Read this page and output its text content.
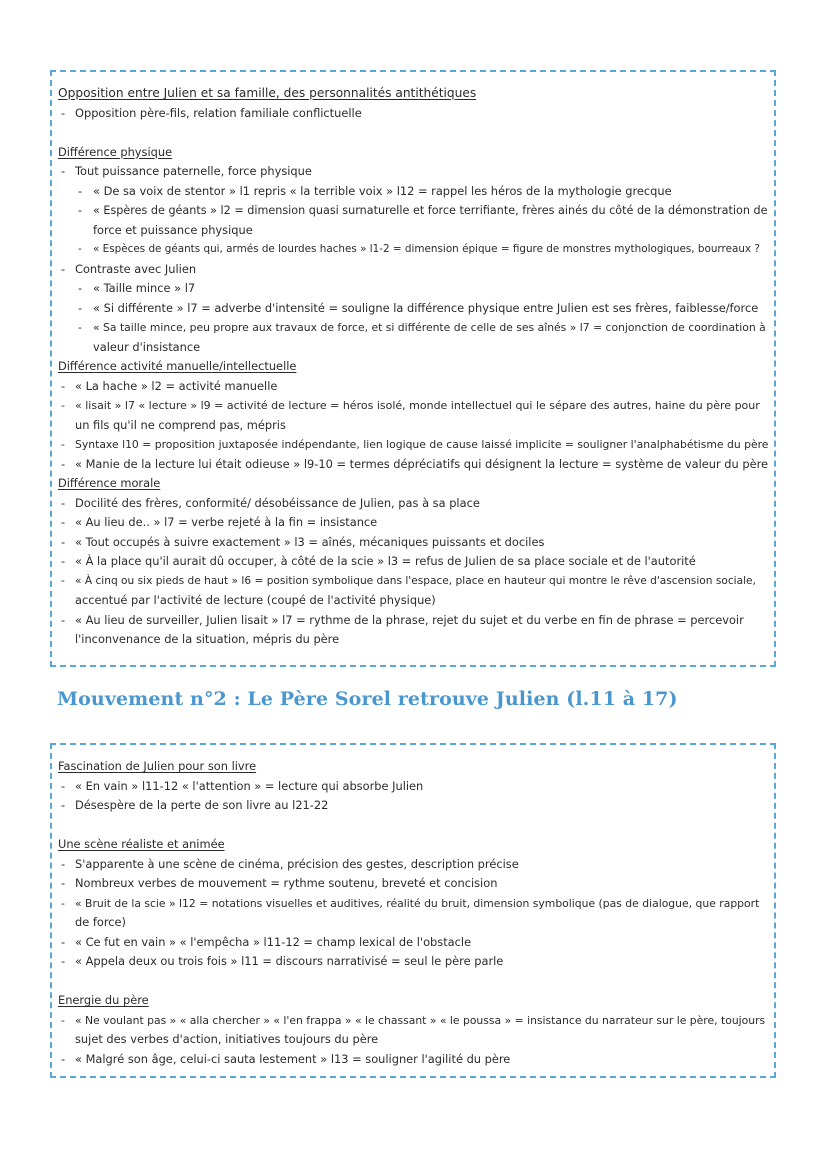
Opposition entre Julien et sa famille, des personnalités antithétiques
- Opposition père-fils, relation familiale conflictuelle
Différence physique
- Tout puissance paternelle, force physique
- « De sa voix de stentor » l1 repris « la terrible voix » l12 = rappel les héros de la mythologie grecque
- « Espères de géants » l2 = dimension quasi surnaturelle et force terrifiante, frères ainés du côté de la démonstration de
force et puissance physique
- « Espèces de géants qui, armés de lourdes haches » l1-2 = dimension épique = figure de monstres mythologiques, bourreaux ?
- Contraste avec Julien
- « Taille mince » l7
- « Si différente » l7 = adverbe d'intensité = souligne la différence physique entre Julien est ses frères, faiblesse/force
- « Sa taille mince, peu propre aux travaux de force, et si différente de celle de ses aînés » l7 = conjonction de coordination à
valeur d'insistance
Différence activité manuelle/intellectuelle
- « La hache » l2 = activité manuelle
- « lisait » l7 « lecture » l9 = activité de lecture = héros isolé, monde intellectuel qui le sépare des autres, haine du père pour
un fils qu'il ne comprend pas, mépris
- Syntaxe l10 = proposition juxtaposée indépendante, lien logique de cause laissé implicite = souligner l'analphabétisme du père
- « Manie de la lecture lui était odieuse » l9-10 = termes dépréciatifs qui désignent la lecture = système de valeur du père
Différence morale
- Docilité des frères, conformité/ désobéissance de Julien, pas à sa place
- « Au lieu de.. » l7 = verbe rejeté à la fin = insistance
- « Tout occupés à suivre exactement » l3 = aînés, mécaniques puissants et dociles
- « À la place qu'il aurait dû occuper, à côté de la scie » l3 = refus de Julien de sa place sociale et de l'autorité
- « À cinq ou six pieds de haut » l6 = position symbolique dans l'espace, place en hauteur qui montre le rêve d'ascension sociale,
accentué par l'activité de lecture (coupé de l'activité physique)
- « Au lieu de surveiller, Julien lisait » l7 = rythme de la phrase, rejet du sujet et du verbe en fin de phrase = percevoir
l'inconvenance de la situation, mépris du père
Mouvement n°2 : Le Père Sorel retrouve Julien (l.11 à 17)
Fascination de Julien pour son livre
- « En vain » l11-12 « l'attention » = lecture qui absorbe Julien
- Désespère de la perte de son livre au l21-22
Une scène réaliste et animée
- S'apparente à une scène de cinéma, précision des gestes, description précise
- Nombreux verbes de mouvement = rythme soutenu, breveté et concision
- « Bruit de la scie » l12 = notations visuelles et auditives, réalité du bruit, dimension symbolique (pas de dialogue, que rapport
de force)
- « Ce fut en vain » « l'empêcha » l11-12 = champ lexical de l'obstacle
- « Appela deux ou trois fois » l11 = discours narrativisé = seul le père parle
Energie du père
- « Ne voulant pas » « alla chercher » « l'en frappa » « le chassant » « le poussa » = insistance du narrateur sur le père, toujours
sujet des verbes d'action, initiatives toujours du père
- « Malgré son âge, celui-ci sauta lestement » l13 = souligner l'agilité du père
